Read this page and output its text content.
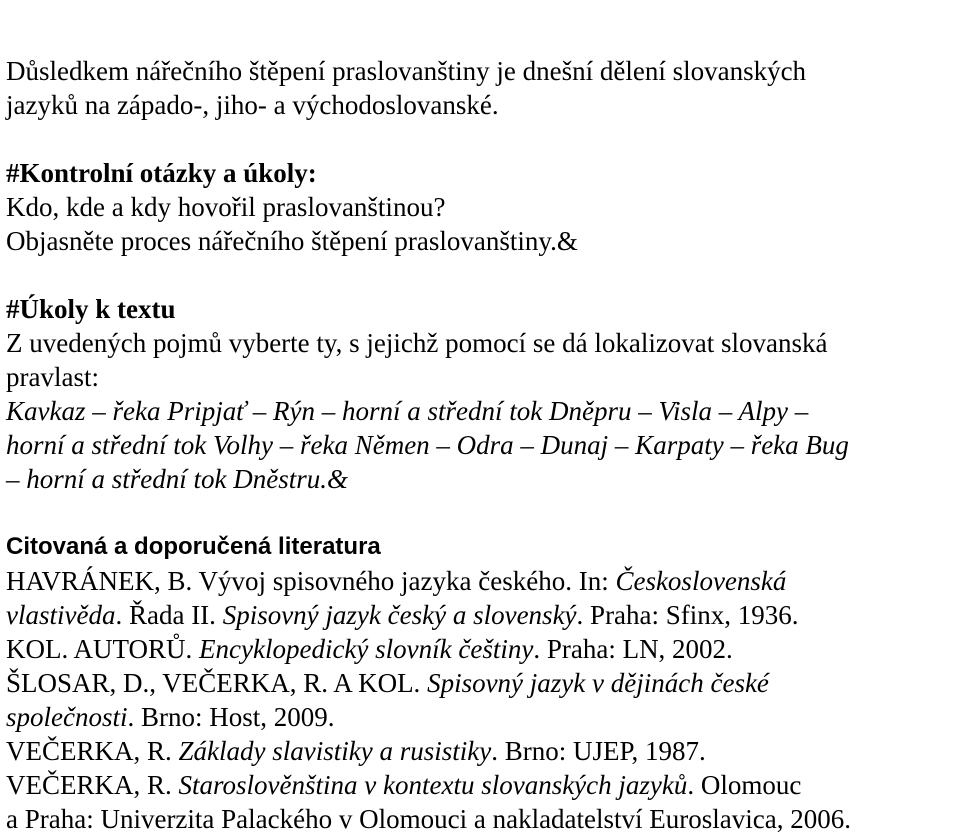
Důsledkem nářečního štěpení praslovanštiny je dnešní dělení slovanských
jazyků na západo-, jiho- a východoslovanské.
#Kontrolní otázky a úkoly:
Kdo, kde a kdy hovořil praslovanštinou?
Objasněte proces nářečního štěpení praslovanštiny.&
#Úkoly k textu
Z uvedených pojmů vyberte ty, s jejichž pomocí se dá lokalizovat slovanská
pravlast:
Kavkaz – řeka Pripjať – Rýn – horní a střední tok Dněpru – Visla – Alpy –
horní a střední tok Volhy – řeka Němen – Odra – Dunaj – Karpaty – řeka Bug
– horní a střední tok Dněstru.&
Citovaná a doporučená literatura
HAVRÁNEK, B. Vývoj spisovného jazyka českého. In: Československá
vlastivěda. Řada II. Spisovný jazyk český a slovenský. Praha: Sfinx, 1936.
KOL. AUTORŮ. Encyklopedický slovník češtiny. Praha: LN, 2002.
ŠLOSAR, D., VEČERKA, R. A KOL. Spisovný jazyk v dějinách české
společnosti. Brno: Host, 2009.
VEČERKA, R. Základy slavistiky a rusistiky. Brno: UJEP, 1987.
VEČERKA, R. Staroslověnština v kontextu slovanských jazyků. Olomouc
a Praha: Univerzita Palackého v Olomouci a nakladatelství Euroslavica, 2006.
